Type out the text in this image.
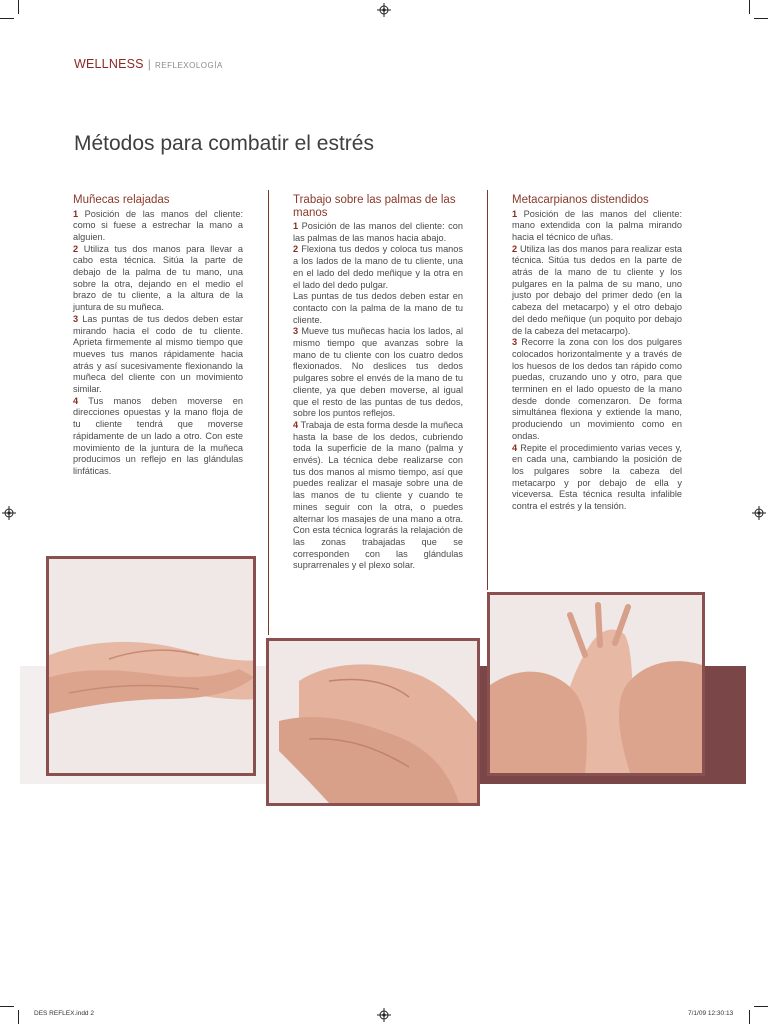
WELLNESS | REFLEXOLOGÍA
Métodos para combatir el estrés
Muñecas relajadas

1 Posición de las manos del cliente: como si fuese a estrechar la mano a alguien.

2 Utiliza tus dos manos para llevar a cabo esta técnica. Sitúa la parte de debajo de la palma de tu mano, una sobre la otra, dejando en el medio el brazo de tu cliente, a la altura de la juntura de su muñeca.

3 Las puntas de tus dedos deben estar mirando hacia el codo de tu cliente. Aprieta firmemente al mismo tiempo que mueves tus manos rápidamente hacia atrás y así sucesivamente flexionando la muñeca del cliente con un movimiento similar.

4 Tus manos deben moverse en direcciones opuestas y la mano floja de tu cliente tendrá que moverse rápidamente de un lado a otro. Con este movimiento de la juntura de la muñeca producimos un reflejo en las glándulas linfáticas.

Trabajo sobre las palmas de las manos

1 Posición de las manos del cliente: con las palmas de las manos hacia abajo.

2 Flexiona tus dedos y coloca tus manos a los lados de la mano de tu cliente, una en el lado del dedo meñique y la otra en el lado del dedo pulgar.

Las puntas de tus dedos deben estar en contacto con la palma de la mano de tu cliente.

3 Mueve tus muñecas hacia los lados, al mismo tiempo que avanzas sobre la mano de tu cliente con los cuatro dedos flexionados. No deslices tus dedos pulgares sobre el envés de la mano de tu cliente, ya que deben moverse, al igual que el resto de las puntas de tus dedos, sobre los puntos reflejos.

4 Trabaja de esta forma desde la muñeca hasta la base de los dedos, cubriendo toda la superficie de la mano (palma y envés). La técnica debe realizarse con tus dos manos al mismo tiempo, así que puedes realizar el masaje sobre una de las manos de tu cliente y cuando te mines seguir con la otra, o puedes alternar los masajes de una mano a otra. Con esta técnica lograrás la relajación de las zonas trabajadas que se corresponden con las glándulas suprarrenales y el plexo solar.

Metacarpianos distendidos

1 Posición de las manos del cliente: mano extendida con la palma mirando hacia el técnico de uñas.

2 Utiliza las dos manos para realizar esta técnica. Sitúa tus dedos en la parte de atrás de la mano de tu cliente y los pulgares en la palma de su mano, uno justo por debajo del primer dedo (en la cabeza del metacarpo) y el otro debajo del dedo meñique (un poquito por debajo de la cabeza del metacarpo).

3 Recorre la zona con los dos pulgares colocados horizontalmente y a través de los huesos de los dedos tan rápido como puedas, cruzando uno y otro, para que terminen en el lado opuesto de la mano desde donde comenzaron. De forma simultánea flexiona y extiende la mano, produciendo un movimiento como en ondas.

4 Repite el procedimiento varias veces y, en cada una, cambiando la posición de los pulgares sobre la cabeza del metacarpo y por debajo de ella y viceversa. Esta técnica resulta infalible contra el estrés y la tensión.

DES REFLEX.indd 2	7/1/09 12:30:13
